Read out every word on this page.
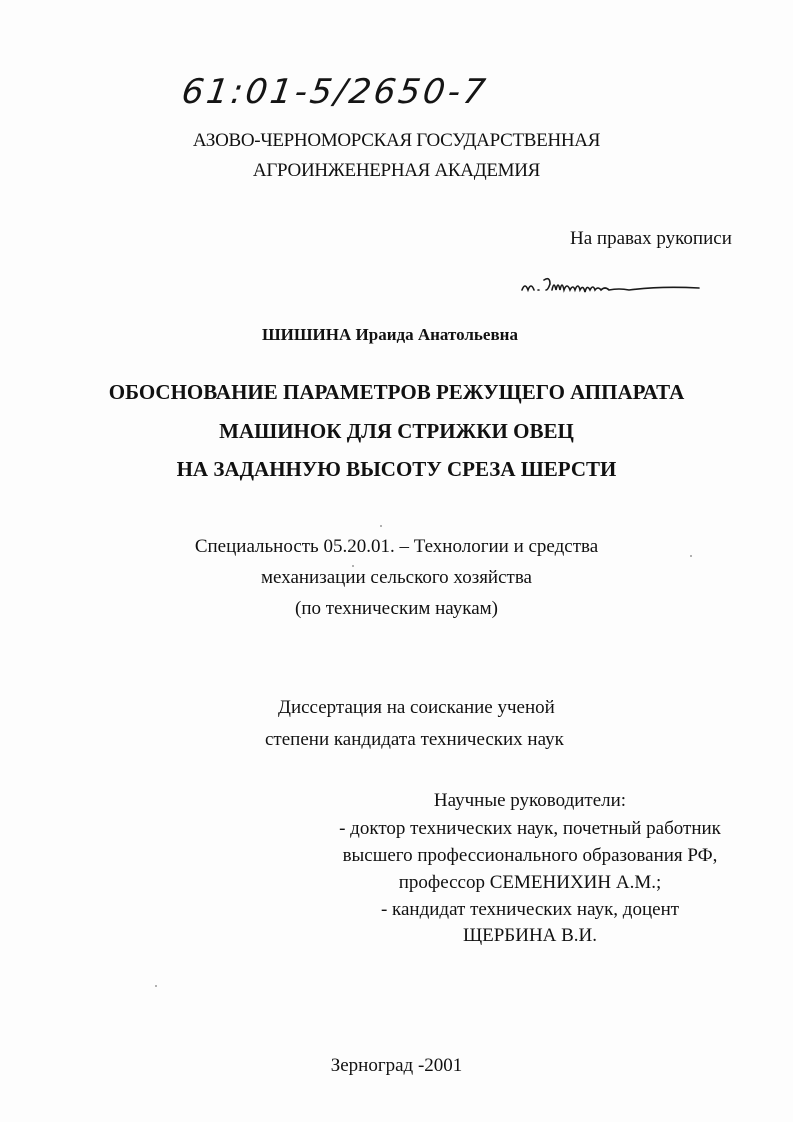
61:01-5/2650-7
АЗОВО-ЧЕРНОМОРСКАЯ ГОСУДАРСТВЕННАЯ
АГРОИНЖЕНЕРНАЯ АКАДЕМИЯ
На правах рукописи
ШИШИНА Ираида Анатольевна
ОБОСНОВАНИЕ ПАРАМЕТРОВ РЕЖУЩЕГО АППАРАТА
МАШИНОК ДЛЯ СТРИЖКИ ОВЕЦ
НА ЗАДАННУЮ ВЫСОТУ СРЕЗА ШЕРСТИ
Специальность 05.20.01. – Технологии и средства
механизации сельского хозяйства
(по техническим наукам)
Диссертация на соискание ученой
степени кандидата технических наук
Научные руководители:
- доктор технических наук, почетный работник
высшего профессионального образования РФ,
профессор СЕМЕНИХИН А.М.;
- кандидат технических наук, доцент
ЩЕРБИНА В.И.
Зерноград -2001
